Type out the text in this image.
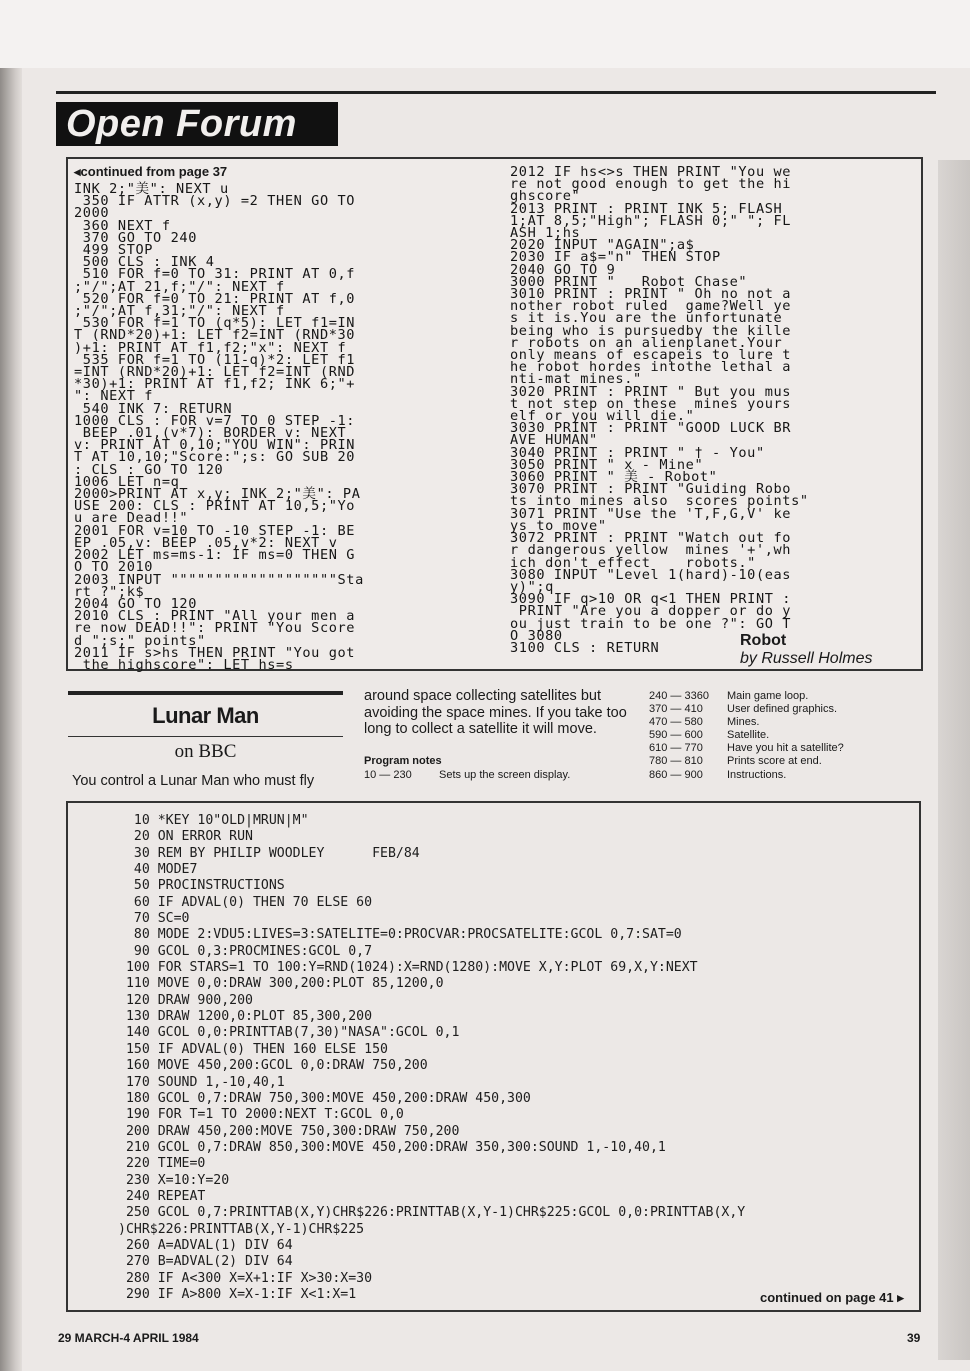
Open Forum
◂continued from page 37
INK 2;"美": NEXT u
350 IF ATTR (x,y) =2 THEN GO TO
2000
360 NEXT f
370 GO TO 240
499 STOP
500 CLS : INK 4
510 FOR f=0 TO 31: PRINT AT 0,f
;"/";AT 21,f;"/": NEXT f
520 FOR f=0 TO 21: PRINT AT f,0
;"/";AT f,31;"/": NEXT f
530 FOR f=1 TO (q*5): LET f1=IN
T (RND*20)+1: LET f2=INT (RND*30
)+1: PRINT AT f1,f2;"x": NEXT f
535 FOR f=1 TO (11-q)*2: LET f1
=INT (RND*20)+1: LET f2=INT (RND
*30)+1: PRINT AT f1,f2; INK 6;"+
": NEXT f
540 INK 7: RETURN
1000 CLS : FOR v=7 TO 0 STEP -1:
BEEP .01,(v*7): BORDER v: NEXT
v: PRINT AT 0,10;"YOU WIN": PRIN
T AT 10,10;"Score:";s: GO SUB 20
: CLS : GO TO 120
1006 LET n=q
2000>PRINT AT x,y; INK 2;"美": PA
USE 200: CLS : PRINT AT 10,5;"Yo
u are Dead!!"
2001 FOR v=10 TO -10 STEP -1: BE
EP .05,v: BEEP .05,v*2: NEXT v
2002 LET ms=ms-1: IF ms=0 THEN G
O TO 2010
2003 INPUT """""""""""""""""""Sta
rt ?";k$
2004 GO TO 120
2010 CLS : PRINT "All your men a
re now DEAD!!": PRINT "You Score
d ";s;" points"
2011 IF s>hs THEN PRINT "You got
the highscore": LET hs=s
2012 IF hs<>s THEN PRINT "You we
re not good enough to get the hi
ghscore"
2013 PRINT : PRINT INK 5; FLASH
1;AT 8,5;"High"; FLASH 0;" "; FL
ASH 1;hs
2020 INPUT "AGAIN";a$
2030 IF a$="n" THEN STOP
2040 GO TO 9
3000 PRINT "   Robot Chase"
3010 PRINT : PRINT " Oh no not a
nother robot ruled  game?Well ye
s it is.You are the unfortunate
being who is pursuedby the kille
r robots on an alienplanet.Your
only means of escapeis to lure t
he robot hordes intothe lethal a
nti-mat mines."
3020 PRINT : PRINT " But you mus
t not step on these  mines yours
elf or you will die."
3030 PRINT : PRINT "GOOD LUCK BR
AVE HUMAN"
3040 PRINT : PRINT " † - You"
3050 PRINT " x - Mine"
3060 PRINT " 美 - Robot"
3070 PRINT : PRINT "Guiding Robo
ts into mines also  scores points"
3071 PRINT "Use the 'T,F,G,V' ke
ys to move"
3072 PRINT : PRINT "Watch out fo
r dangerous yellow  mines '+',wh
ich don't effect    robots."
3080 INPUT "Level 1(hard)-10(eas
y)";q
3090 IF q>10 OR q<1 THEN PRINT :
PRINT "Are you a dopper or do y
ou just train to be one ?": GO T
O 3080
3100 CLS : RETURN	Robot
by Russell Holmes
Lunar Man
on BBC
You control a Lunar Man who must fly
around space collecting satellites but avoiding the space mines. If you take too long to collect a satellite it will move.
Program notes
10 — 230 Sets up the screen display.
240 — 3360 Main game loop.
370 — 410 User defined graphics.
470 — 580 Mines.
590 — 600 Satellite.
610 — 770 Have you hit a satellite?
780 — 810 Prints score at end.
860 — 900 Instructions.
10 *KEY 10"OLD|MRUN|M"
20 ON ERROR RUN
30 REM BY PHILIP WOODLEY      FEB/84
40 MODE7
50 PROCINSTRUCTIONS
60 IF ADVAL(0) THEN 70 ELSE 60
70 SC=0
80 MODE 2:VDU5:LIVES=3:SATELITE=0:PROCVAR:PROCSATELITE:GCOL 0,7:SAT=0
90 GCOL 0,3:PROCMINES:GCOL 0,7
100 FOR STARS=1 TO 100:Y=RND(1024):X=RND(1280):MOVE X,Y:PLOT 69,X,Y:NEXT
110 MOVE 0,0:DRAW 300,200:PLOT 85,1200,0
120 DRAW 900,200
130 DRAW 1200,0:PLOT 85,300,200
140 GCOL 0,0:PRINTTAB(7,30)"NASA":GCOL 0,1
150 IF ADVAL(0) THEN 160 ELSE 150
160 MOVE 450,200:GCOL 0,0:DRAW 750,200
170 SOUND 1,-10,40,1
180 GCOL 0,7:DRAW 750,300:MOVE 450,200:DRAW 450,300
190 FOR T=1 TO 2000:NEXT T:GCOL 0,0
200 DRAW 450,200:MOVE 750,300:DRAW 750,200
210 GCOL 0,7:DRAW 850,300:MOVE 450,200:DRAW 350,300:SOUND 1,-10,40,1
220 TIME=0
230 X=10:Y=20
240 REPEAT
250 GCOL 0,7:PRINTTAB(X,Y)CHR$226:PRINTTAB(X,Y-1)CHR$225:GCOL 0,0:PRINTTAB(X,Y
)CHR$226:PRINTTAB(X,Y-1)CHR$225
260 A=ADVAL(1) DIV 64
270 B=ADVAL(2) DIV 64
280 IF A<300 X=X+1:IF X>30:X=30
290 IF A>800 X=X-1:IF X<1:X=1	continued on page 41 ▸
29 MARCH-4 APRIL 1984	39
